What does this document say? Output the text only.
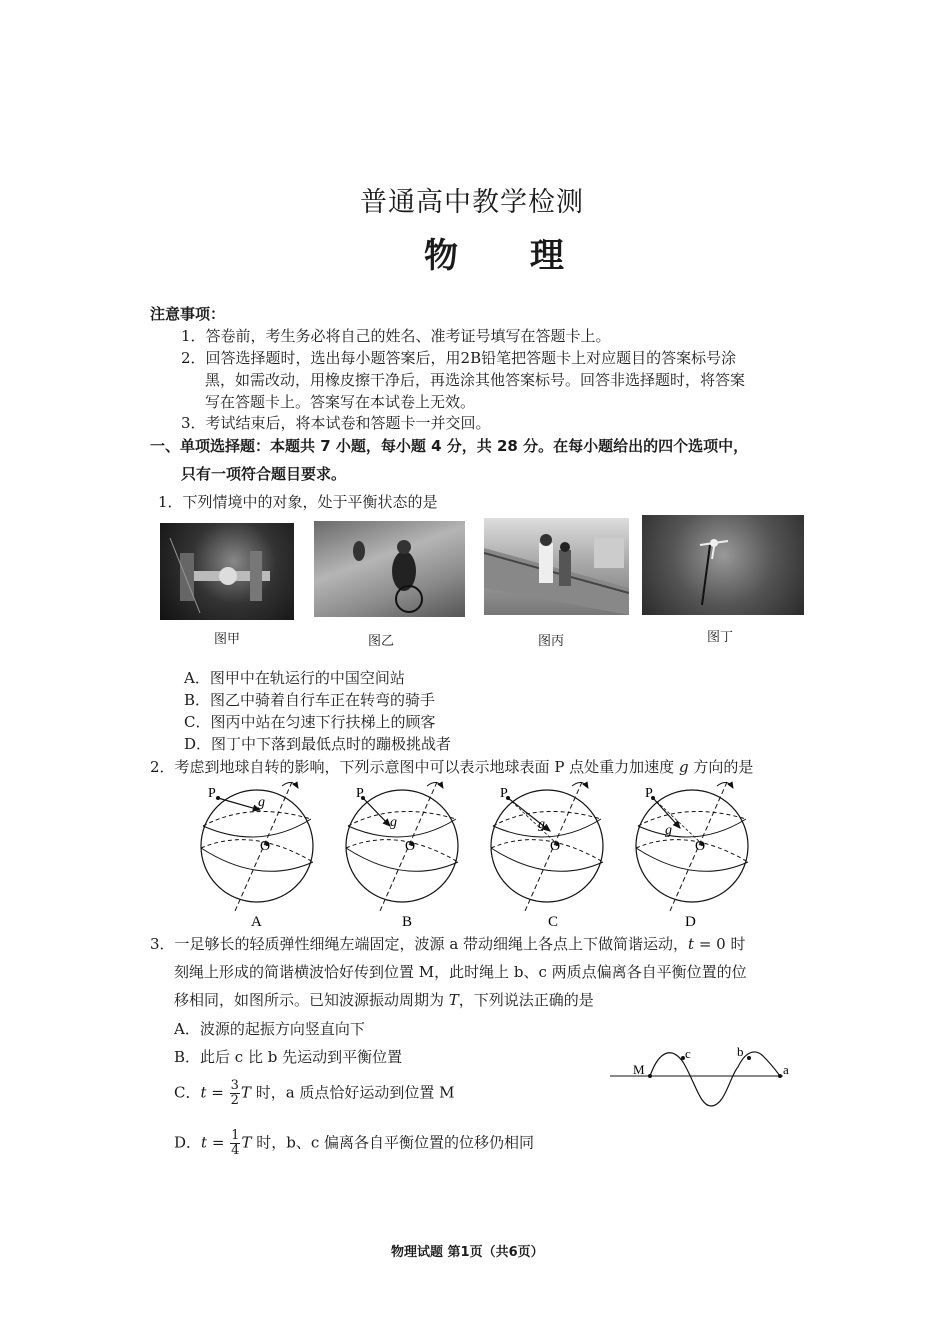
普通高中教学检测
物 理
注意事项：
1．答卷前，考生务必将自己的姓名、准考证号填写在答题卡上。
2．回答选择题时，选出每小题答案后，用2B铅笔把答题卡上对应题目的答案标号涂
黑，如需改动，用橡皮擦干净后，再选涂其他答案标号。回答非选择题时，将答案
写在答题卡上。答案写在本试卷上无效。
3．考试结束后，将本试卷和答题卡一并交回。
一、单项选择题：本题共 7 小题，每小题 4 分，共 28 分。在每小题给出的四个选项中，
只有一项符合题目要求。
1．下列情境中的对象，处于平衡状态的是
图甲	图乙	图丙	图丁
A．图甲中在轨运行的中国空间站
B．图乙中骑着自行车正在转弯的骑手
C．图丙中站在匀速下行扶梯上的顾客
D．图丁中下落到最低点时的蹦极挑战者
2．考虑到地球自转的影响，下列示意图中可以表示地球表面 P 点处重力加速度 g 方向的是
P
g
O
A
P
g
O
B
P
g
O
C
P
g
O
D
3．一足够长的轻质弹性细绳左端固定，波源 a 带动细绳上各点上下做简谐运动，t = 0 时
刻绳上形成的简谐横波恰好传到位置 M，此时绳上 b、c 两质点偏离各自平衡位置的位
移相同，如图所示。已知波源振动周期为 T，下列说法正确的是
A．波源的起振方向竖直向下
B．此后 c 比 b 先运动到平衡位置
C．$t = \frac{3}{2}$ T 时，a 质点恰好运动到位置 M
D．$t = \frac{1}{4}$ T 时，b、c 偏离各自平衡位置的位移仍相同
M
c	b
a
物理试题 第1页（共6页）
